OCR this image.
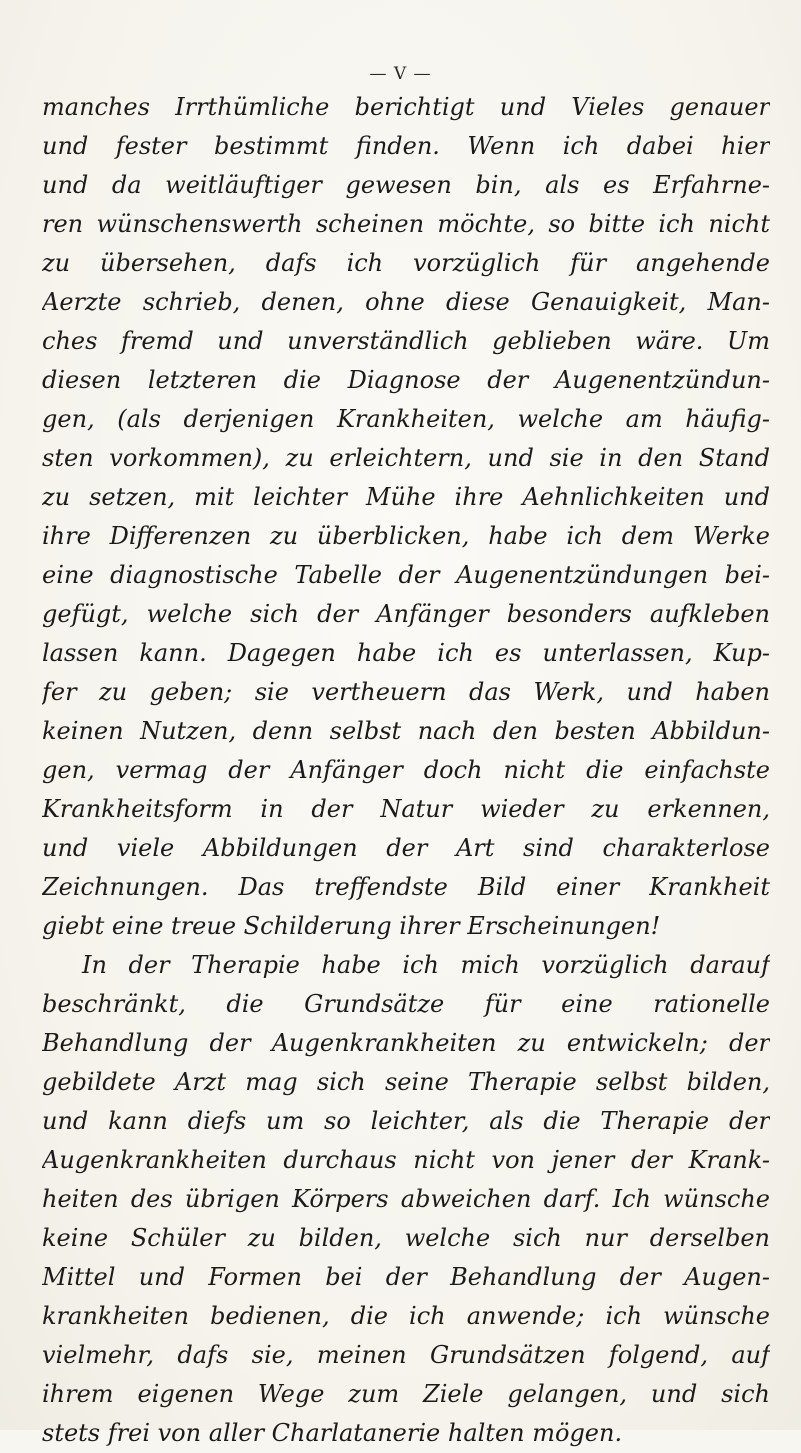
— V —
manches Irrthümliche berichtigt und Vieles genauer
und fester bestimmt finden. Wenn ich dabei hier
und da weitläuftiger gewesen bin, als es Erfahrne-
ren wünschenswerth scheinen möchte, so bitte ich nicht
zu übersehen, dafs ich vorzüglich für angehende
Aerzte schrieb, denen, ohne diese Genauigkeit, Man-
ches fremd und unverständlich geblieben wäre. Um
diesen letzteren die Diagnose der Augenentzündun-
gen, (als derjenigen Krankheiten, welche am häufig-
sten vorkommen), zu erleichtern, und sie in den Stand
zu setzen, mit leichter Mühe ihre Aehnlichkeiten und
ihre Differenzen zu überblicken, habe ich dem Werke
eine diagnostische Tabelle der Augenentzündungen bei-
gefügt, welche sich der Anfänger besonders aufkleben
lassen kann. Dagegen habe ich es unterlassen, Kup-
fer zu geben; sie vertheuern das Werk, und haben
keinen Nutzen, denn selbst nach den besten Abbildun-
gen, vermag der Anfänger doch nicht die einfachste
Krankheitsform in der Natur wieder zu erkennen,
und viele Abbildungen der Art sind charakterlose
Zeichnungen. Das treffendste Bild einer Krankheit
giebt eine treue Schilderung ihrer Erscheinungen!
In der Therapie habe ich mich vorzüglich darauf
beschränkt, die Grundsätze für eine rationelle
Behandlung der Augenkrankheiten zu entwickeln; der
gebildete Arzt mag sich seine Therapie selbst bilden,
und kann diefs um so leichter, als die Therapie der
Augenkrankheiten durchaus nicht von jener der Krank-
heiten des übrigen Körpers abweichen darf. Ich wünsche
keine Schüler zu bilden, welche sich nur derselben
Mittel und Formen bei der Behandlung der Augen-
krankheiten bedienen, die ich anwende; ich wünsche
vielmehr, dafs sie, meinen Grundsätzen folgend, auf
ihrem eigenen Wege zum Ziele gelangen, und sich
stets frei von aller Charlatanerie halten mögen.
